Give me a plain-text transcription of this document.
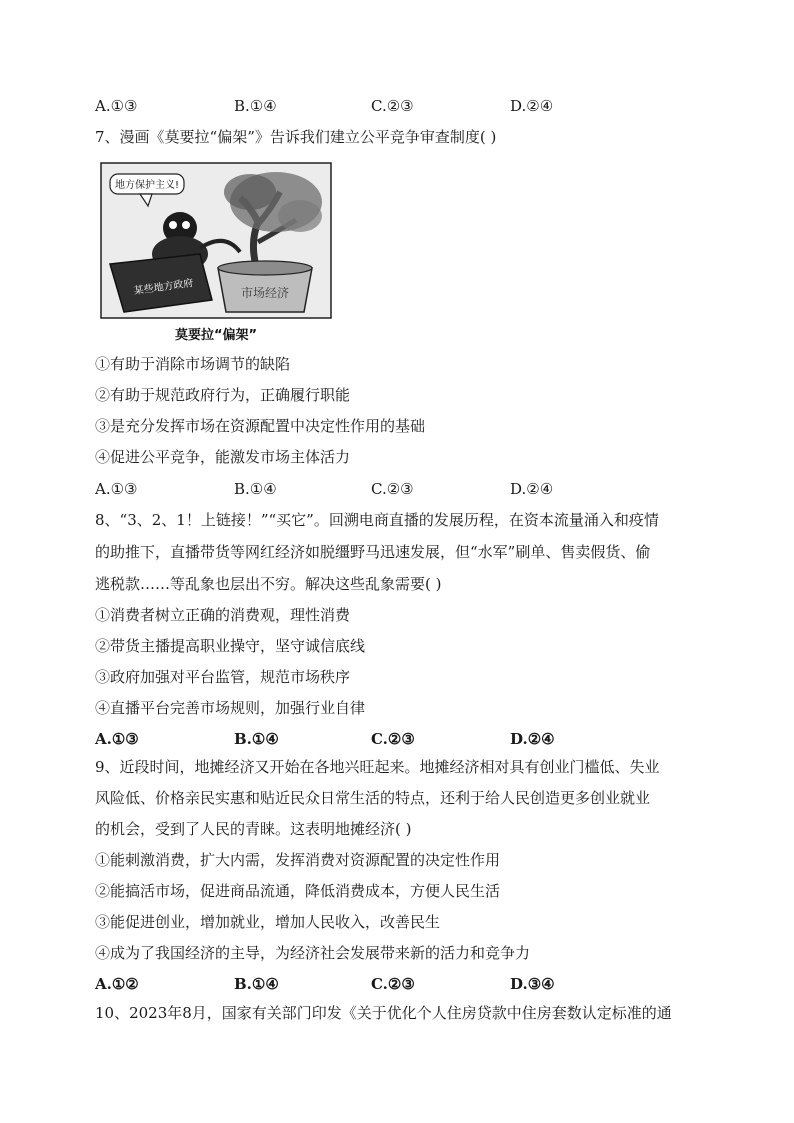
A.①③	B.①④	C.②③	D.②④
7、漫画《莫要拉“偏架”》告诉我们建立公平竞争审查制度( )
地方保护主义!
某些地方政府	市场经济
莫要拉“偏架”
①有助于消除市场调节的缺陷
②有助于规范政府行为，正确履行职能
③是充分发挥市场在资源配置中决定性作用的基础
④促进公平竞争，能激发市场主体活力
A.①③	B.①④	C.②③	D.②④
8、“3、2、1！上链接！”“买它”。回溯电商直播的发展历程，在资本流量涌入和疫情
的助推下，直播带货等网红经济如脱缰野马迅速发展，但“水军”刷单、售卖假货、偷
逃税款……等乱象也层出不穷。解决这些乱象需要( )
①消费者树立正确的消费观，理性消费
②带货主播提高职业操守，坚守诚信底线
③政府加强对平台监管，规范市场秩序
④直播平台完善市场规则，加强行业自律
A.①③	B.①④	C.②③	D.②④
9、近段时间，地摊经济又开始在各地兴旺起来。地摊经济相对具有创业门槛低、失业
风险低、价格亲民实惠和贴近民众日常生活的特点，还利于给人民创造更多创业就业
的机会，受到了人民的青睐。这表明地摊经济( )
①能刺激消费，扩大内需，发挥消费对资源配置的决定性作用
②能搞活市场，促进商品流通，降低消费成本，方便人民生活
③能促进创业，增加就业，增加人民收入，改善民生
④成为了我国经济的主导，为经济社会发展带来新的活力和竞争力
A.①②	B.①④	C.②③	D.③④
10、2023年8月，国家有关部门印发《关于优化个人住房贷款中住房套数认定标准的通
